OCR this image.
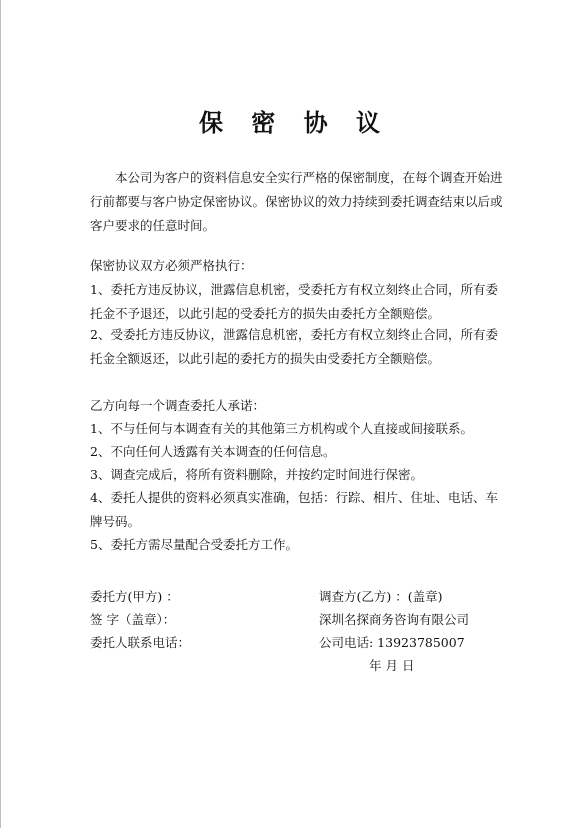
保 密 协 议
本公司为客户的资料信息安全实行严格的保密制度，在每个调查开始进行前都要与客户协定保密协议。保密协议的效力持续到委托调查结束以后或客户要求的任意时间。
保密协议双方必须严格执行：
1、委托方违反协议，泄露信息机密，受委托方有权立刻终止合同，所有委托金不予退还，以此引起的受委托方的损失由委托方全额赔偿。
2、受委托方违反协议，泄露信息机密，委托方有权立刻终止合同，所有委托金全额返还，以此引起的委托方的损失由受委托方全额赔偿。
乙方向每一个调查委托人承诺：
1、不与任何与本调查有关的其他第三方机构或个人直接或间接联系。
2、不向任何人透露有关本调查的任何信息。
3、调查完成后，将所有资料删除，并按约定时间进行保密。
4、委托人提供的资料必须真实准确，包括：行踪、相片、住址、电话、车牌号码。
5、委托方需尽量配合受委托方工作。
委托方(甲方) ：
签 字（盖章）：
委托人联系电话：
调查方(乙方) ：(盖章)
深圳名探商务咨询有限公司
公司电话: 13923785007
年 月 日
